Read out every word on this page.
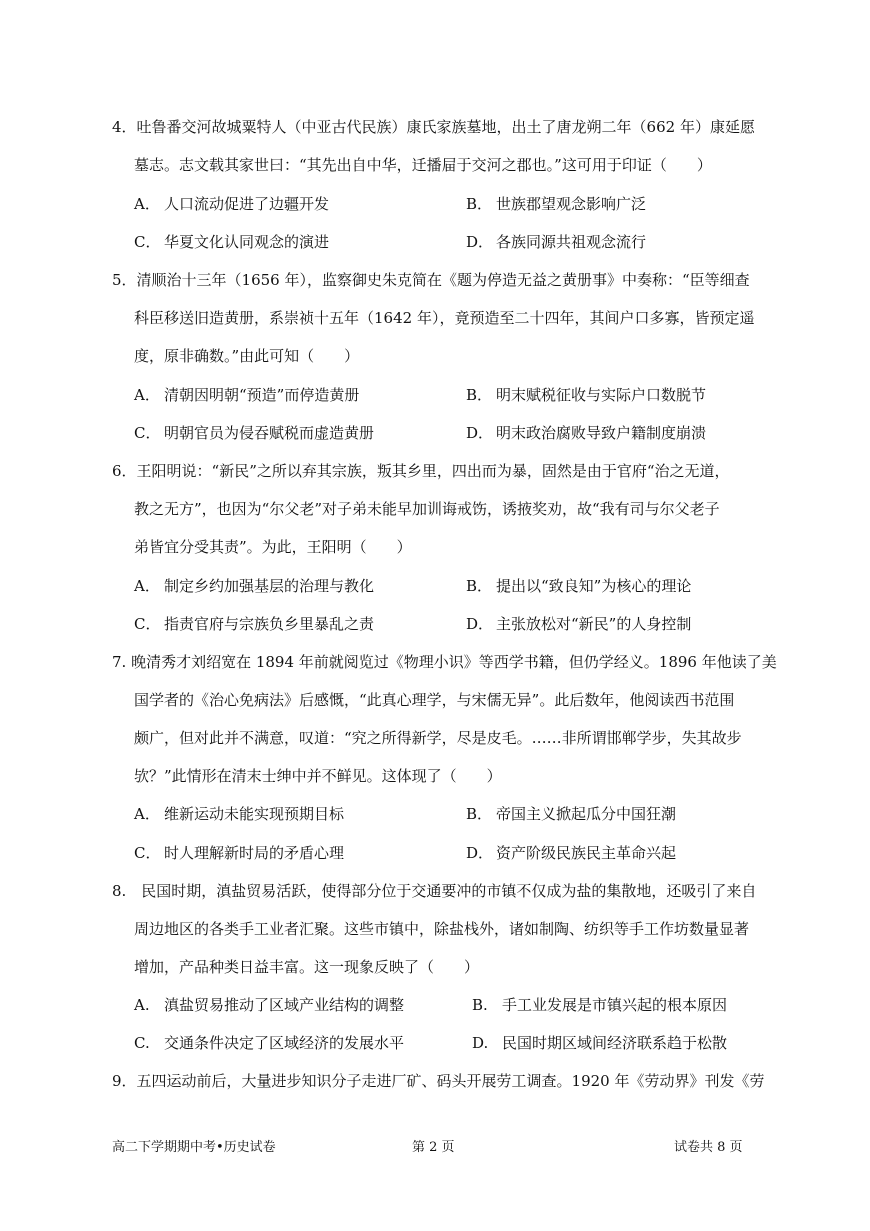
4．吐鲁番交河故城粟特人（中亚古代民族）康氏家族墓地，出土了唐龙朔二年（662 年）康延愿
墓志。志文载其家世曰：“其先出自中华，迁播屇于交河之郡也。”这可用于印证（　　）
A． 人口流动促进了边疆开发	B． 世族郡望观念影响广泛
C． 华夏文化认同观念的演进	D． 各族同源共祖观念流行
5．清顺治十三年（1656 年），监察御史朱克简在《题为停造无益之黄册事》中奏称：“臣等细查
科臣移送旧造黄册，系崇祯十五年（1642 年），竟预造至二十四年，其间户口多寡，皆预定遥
度，原非确数。”由此可知（　　）
A． 清朝因明朝“预造”而停造黄册	B． 明末赋税征收与实际户口数脱节
C． 明朝官员为侵吞赋税而虚造黄册	D． 明末政治腐败导致户籍制度崩溃
6．王阳明说：“新民”之所以弃其宗族，叛其乡里，四出而为暴，固然是由于官府“治之无道，
教之无方”，也因为“尔父老”对子弟未能早加训诲戒饬，诱掖奖劝，故“我有司与尔父老子
弟皆宜分受其责”。为此，王阳明（　　）
A． 制定乡约加强基层的治理与教化	B． 提出以“致良知”为核心的理论
C． 指责官府与宗族负乡里暴乱之责	D． 主张放松对“新民”的人身控制
7. 晚清秀才刘绍宽在 1894 年前就阅览过《物理小识》等西学书籍，但仍学经义。1896 年他读了美
国学者的《治心免病法》后感慨，“此真心理学，与宋儒无异”。此后数年，他阅读西书范围
颇广，但对此并不满意，叹道：“究之所得新学，尽是皮毛。……非所谓邯郸学步，失其故步
欤？”此情形在清末士绅中并不鲜见。这体现了（　　）
A． 维新运动未能实现预期目标	B． 帝国主义掀起瓜分中国狂潮
C． 时人理解新时局的矛盾心理	D． 资产阶级民族民主革命兴起
8.　民国时期，滇盐贸易活跃，使得部分位于交通要冲的市镇不仅成为盐的集散地，还吸引了来自
周边地区的各类手工业者汇聚。这些市镇中，除盐栈外，诸如制陶、纺织等手工作坊数量显著
增加，产品种类日益丰富。这一现象反映了（　　）
A. 滇盐贸易推动了区域产业结构的调整	B. 手工业发展是市镇兴起的根本原因
C. 交通条件决定了区域经济的发展水平	D. 民国时期区域间经济联系趋于松散
9．五四运动前后，大量进步知识分子走进厂矿、码头开展劳工调查。1920 年《劳动界》刊发《劳
高二下学期期中考•历史试卷	第 2 页	试卷共 8 页
